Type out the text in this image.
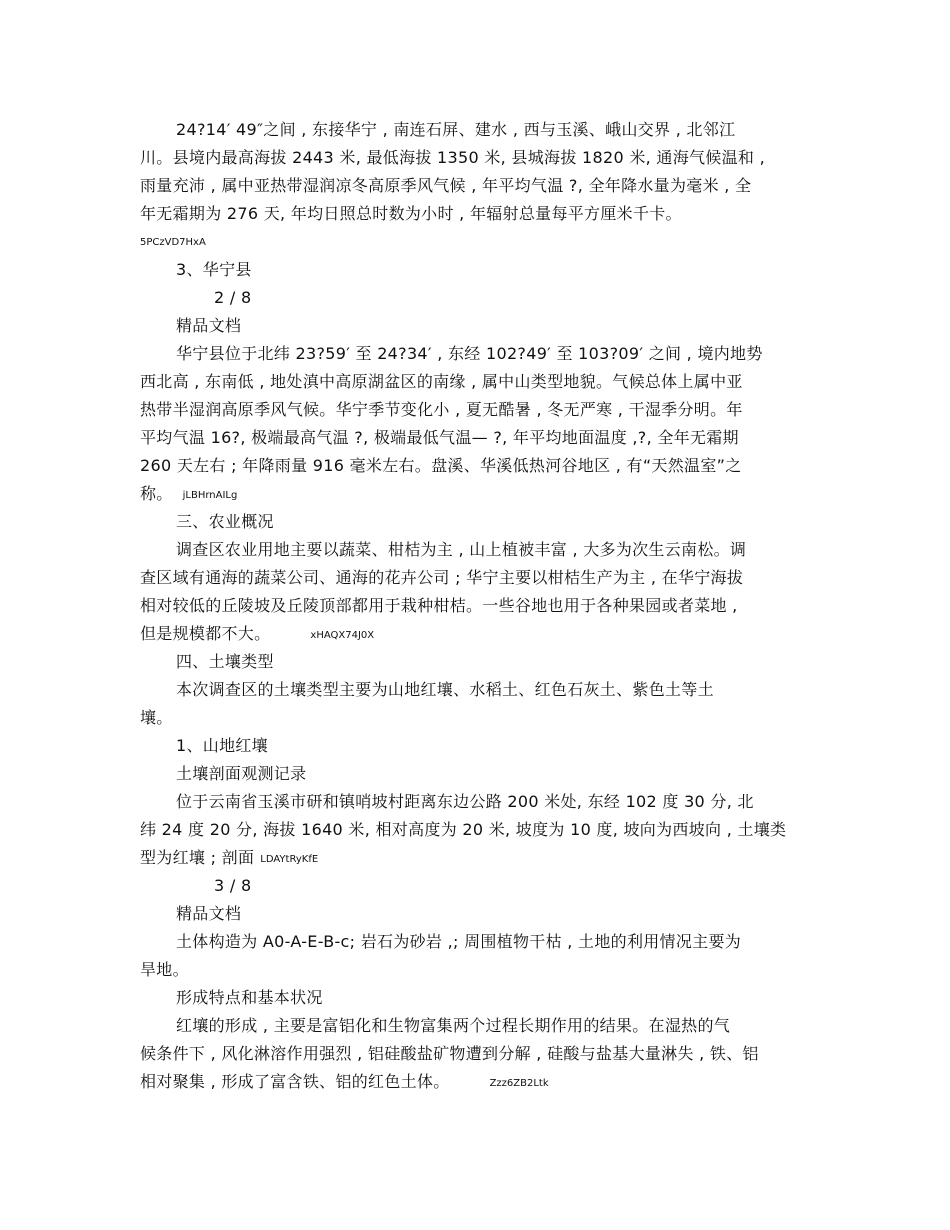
24?14′ 49″之间 , 东接华宁 , 南连石屏、建水 , 西与玉溪、峨山交界 , 北邻江
川。县境内最高海拔 2443 米, 最低海拔 1350 米, 县城海拔 1820 米, 通海气候温和 ,
雨量充沛 , 属中亚热带湿润凉冬高原季风气候 , 年平均气温 ?, 全年降水量为毫米 , 全
年无霜期为 276 天, 年均日照总时数为小时 , 年辐射总量每平方厘米千卡。
5PCzVD7HxA
3、华宁县
2 / 8
精品文档
华宁县位于北纬 23?59′ 至 24?34′ , 东经 102?49′ 至 103?09′ 之间 , 境内地势
西北高 , 东南低 , 地处滇中高原湖盆区的南缘 , 属中山类型地貌。气候总体上属中亚
热带半湿润高原季风气候。华宁季节变化小 , 夏无酷暑 , 冬无严寒 , 干湿季分明。年
平均气温 16?, 极端最高气温 ?, 极端最低气温— ?, 年平均地面温度 ,?, 全年无霜期
260 天左右 ; 年降雨量 916 毫米左右。盘溪、华溪低热河谷地区 , 有“天然温室”之
称。 jLBHrnAILg
三、农业概况
调查区农业用地主要以蔬菜、柑桔为主 , 山上植被丰富 , 大多为次生云南松。调
查区域有通海的蔬菜公司、通海的花卉公司 ; 华宁主要以柑桔生产为主 , 在华宁海拔
相对较低的丘陵坡及丘陵顶部都用于栽种柑桔。一些谷地也用于各种果园或者菜地 ,
但是规模都不大。	xHAQX74J0X
四、土壤类型
本次调查区的土壤类型主要为山地红壤、水稻土、红色石灰土、紫色土等土
壤。
1、山地红壤
土壤剖面观测记录
位于云南省玉溪市研和镇哨坡村距离东边公路 200 米处, 东经 102 度 30 分, 北
纬 24 度 20 分, 海拔 1640 米, 相对高度为 20 米, 坡度为 10 度, 坡向为西坡向 , 土壤类
型为红壤 ; 剖面 LDAYtRyKfE
3 / 8
精品文档
土体构造为 A0-A-E-B-c; 岩石为砂岩 ,; 周围植物干枯 , 土地的利用情况主要为
旱地。
形成特点和基本状况
红壤的形成 , 主要是富铝化和生物富集两个过程长期作用的结果。在湿热的气
候条件下 , 风化淋溶作用强烈 , 铝硅酸盐矿物遭到分解 , 硅酸与盐基大量淋失 , 铁、铝
相对聚集 , 形成了富含铁、铝的红色土体。	Zzz6ZB2Ltk
